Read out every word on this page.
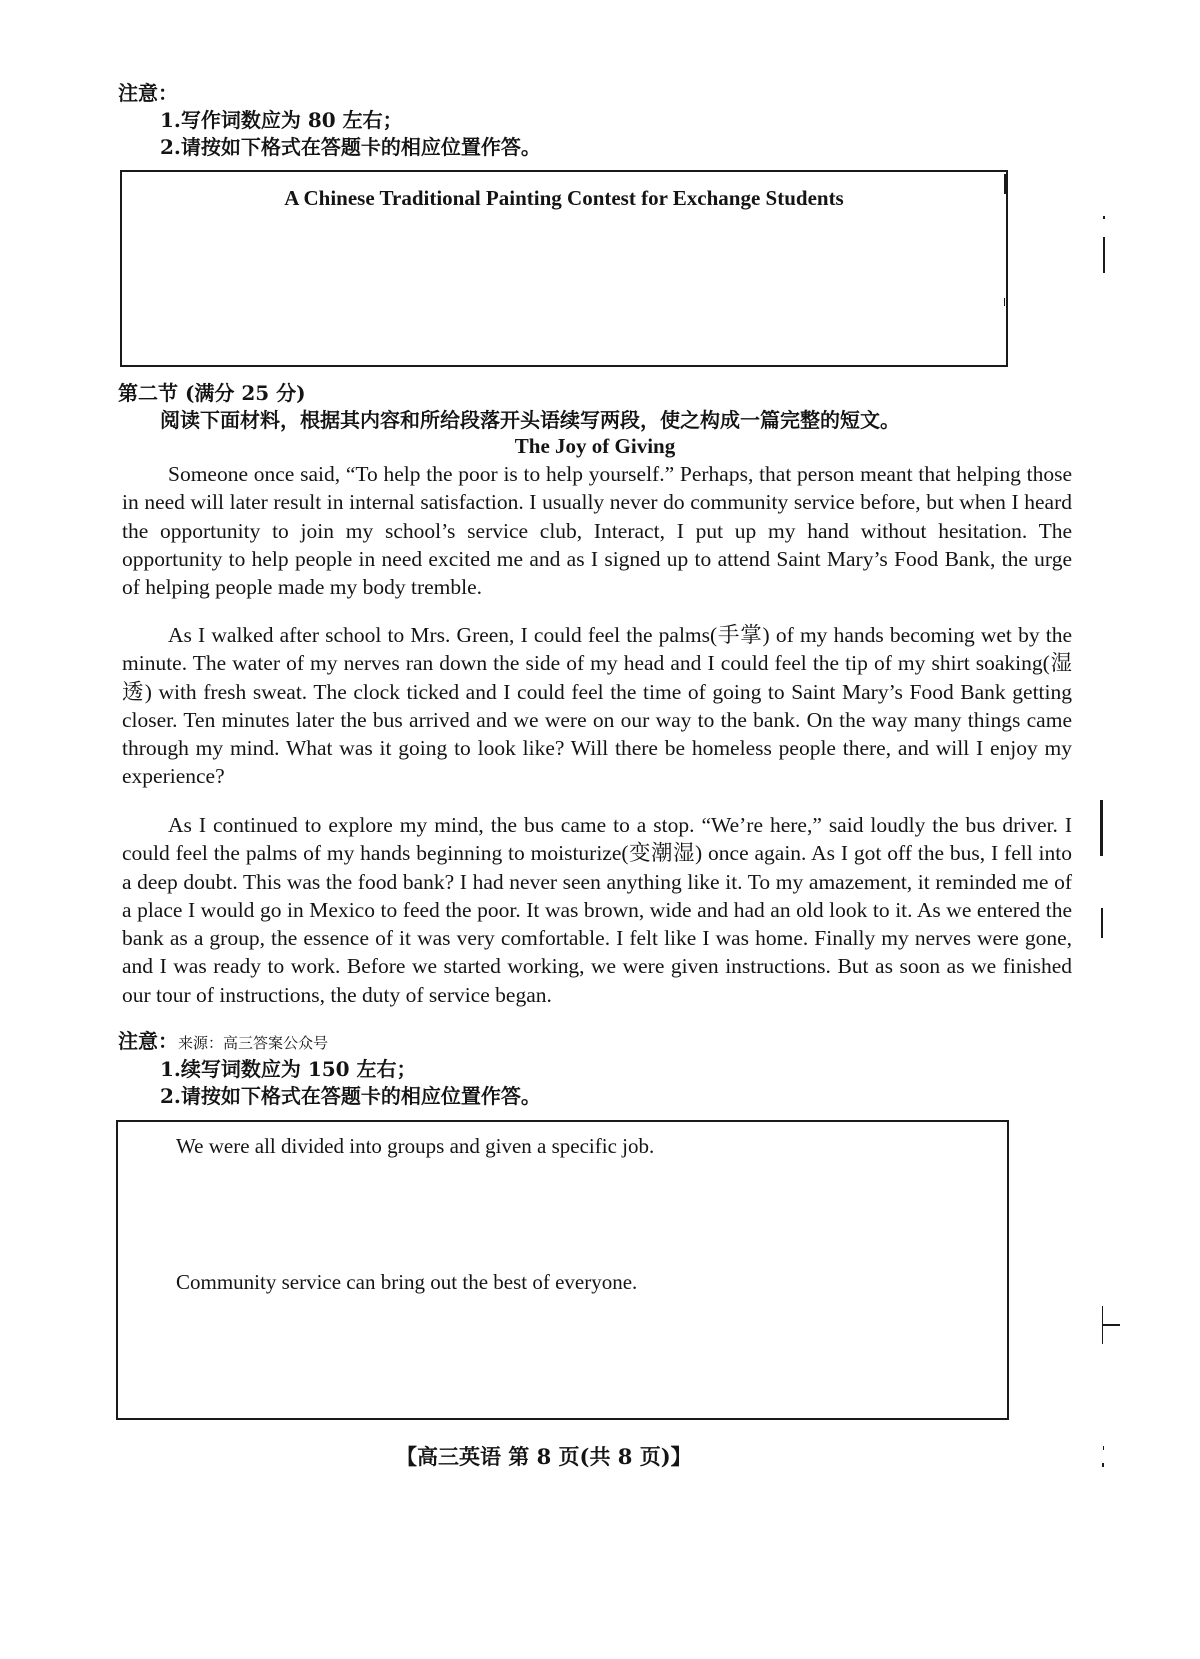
注意：
1.写作词数应为 80 左右；
2.请按如下格式在答题卡的相应位置作答。
A Chinese Traditional Painting Contest for Exchange Students
第二节 (满分 25 分)
阅读下面材料，根据其内容和所给段落开头语续写两段，使之构成一篇完整的短文。
The Joy of Giving

Someone once said, “To help the poor is to help yourself.” Perhaps, that person meant that helping those in need will later result in internal satisfaction. I usually never do community service before, but when I heard the opportunity to join my school’s service club, Interact, I put up my hand without hesitation. The opportunity to help people in need excited me and as I signed up to attend Saint Mary’s Food Bank, the urge of helping people made my body tremble.

As I walked after school to Mrs. Green, I could feel the palms(手掌) of my hands becoming wet by the minute. The water of my nerves ran down the side of my head and I could feel the tip of my shirt soaking(湿透) with fresh sweat. The clock ticked and I could feel the time of going to Saint Mary’s Food Bank getting closer. Ten minutes later the bus arrived and we were on our way to the bank. On the way many things came through my mind. What was it going to look like? Will there be homeless people there, and will I enjoy my experience?

As I continued to explore my mind, the bus came to a stop. “We’re here,” said loudly the bus driver. I could feel the palms of my hands beginning to moisturize(变潮湿) once again. As I got off the bus, I fell into a deep doubt. This was the food bank? I had never seen anything like it. To my amazement, it reminded me of a place I would go in Mexico to feed the poor. It was brown, wide and had an old look to it. As we entered the bank as a group, the essence of it was very comfortable. I felt like I was home. Finally my nerves were gone, and I was ready to work. Before we started working, we were given instructions. But as soon as we finished our tour of instructions, the duty of service began.

注意：来源：高三答案公众号
1.续写词数应为 150 左右；
2.请按如下格式在答题卡的相应位置作答。
We were all divided into groups and given a specific job.
Community service can bring out the best of everyone.
【高三英语 第 8 页(共 8 页)】
